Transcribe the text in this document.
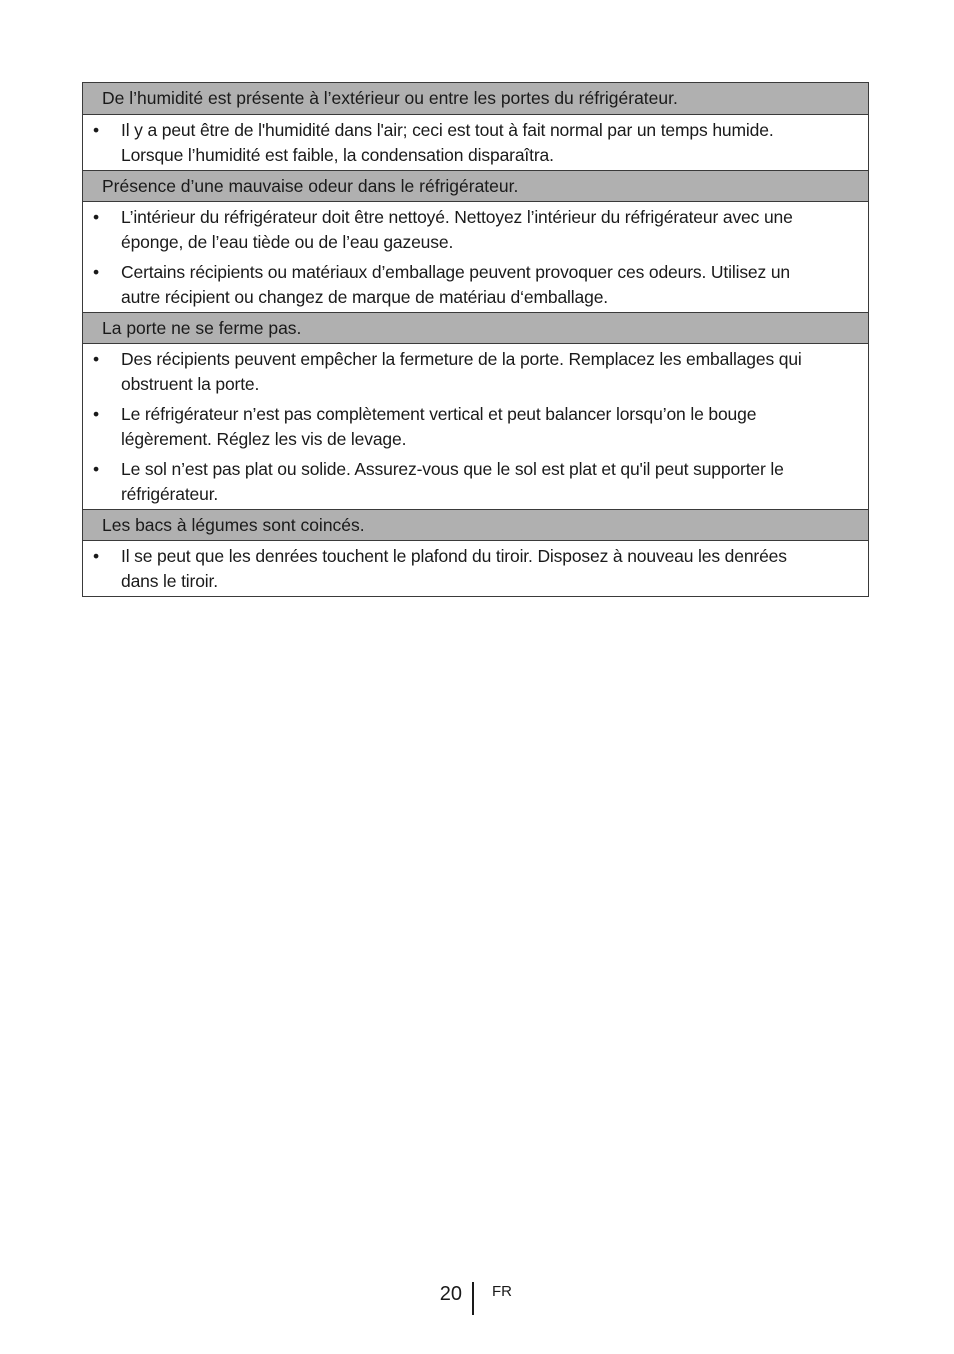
De l’humidité est présente à l’extérieur ou entre les portes du réfrigérateur.
• Il y a peut être de l'humidité dans l'air; ceci est tout à fait normal par un temps humide.
Lorsque l’humidité est faible, la condensation disparaîtra.
Présence d’une mauvaise odeur dans le réfrigérateur.
• L’intérieur du réfrigérateur doit être nettoyé. Nettoyez l’intérieur du réfrigérateur avec une
éponge, de l’eau tiède ou de l’eau gazeuse.
• Certains récipients ou matériaux d’emballage peuvent provoquer ces odeurs. Utilisez un
autre récipient ou changez de marque de matériau d‘emballage.
La porte ne se ferme pas.
• Des récipients peuvent empêcher la fermeture de la porte. Remplacez les emballages qui
obstruent la porte.
• Le réfrigérateur n’est pas complètement vertical et peut balancer lorsqu’on le bouge
légèrement. Réglez les vis de levage.
• Le sol n’est pas plat ou solide. Assurez-vous que le sol est plat et qu'il peut supporter le
réfrigérateur.
Les bacs à légumes sont coincés.
• Il se peut que les denrées touchent le plafond du tiroir. Disposez à nouveau les denrées
dans le tiroir.
20 FR
